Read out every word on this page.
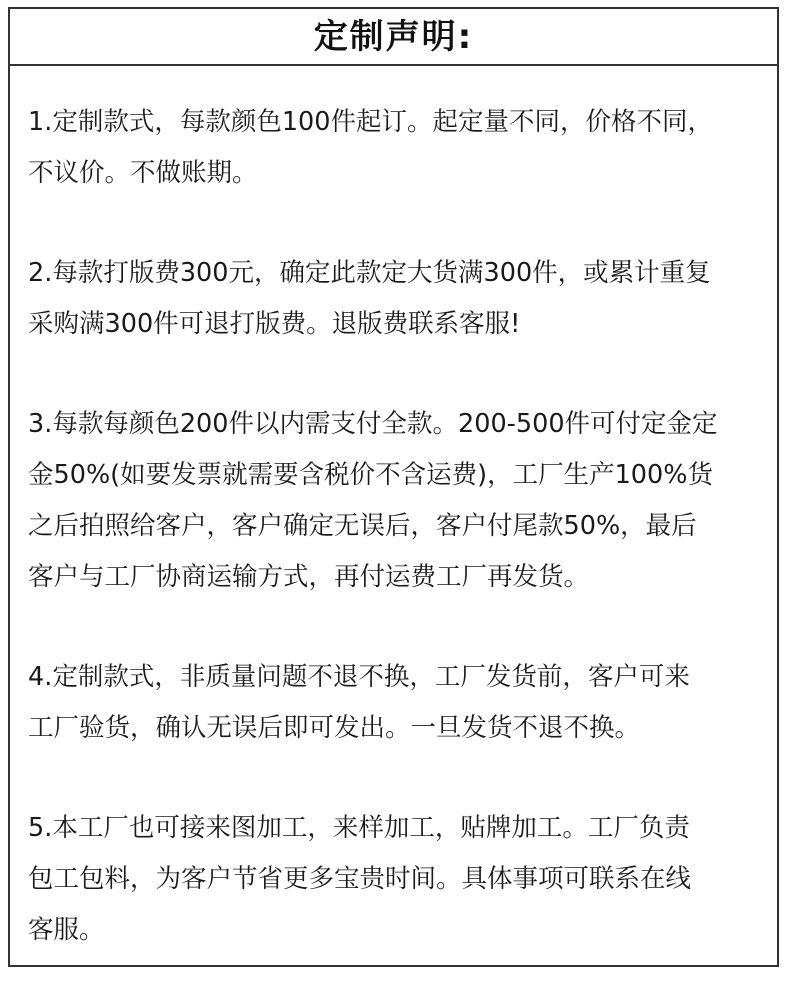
定制声明:

1.定制款式，每款颜色100件起订。起定量不同，价格不同，
不议价。不做账期。

2.每款打版费300元，确定此款定大货满300件，或累计重复
采购满300件可退打版费。退版费联系客服!

3.每款每颜色200件以内需支付全款。200-500件可付定金定
金50%(如要发票就需要含税价不含运费)，工厂生产100%货
之后拍照给客户，客户确定无误后，客户付尾款50%，最后
客户与工厂协商运输方式，再付运费工厂再发货。

4.定制款式，非质量问题不退不换，工厂发货前，客户可来
工厂验货，确认无误后即可发出。一旦发货不退不换。

5.本工厂也可接来图加工，来样加工，贴牌加工。工厂负责
包工包料，为客户节省更多宝贵时间。具体事项可联系在线
客服。
